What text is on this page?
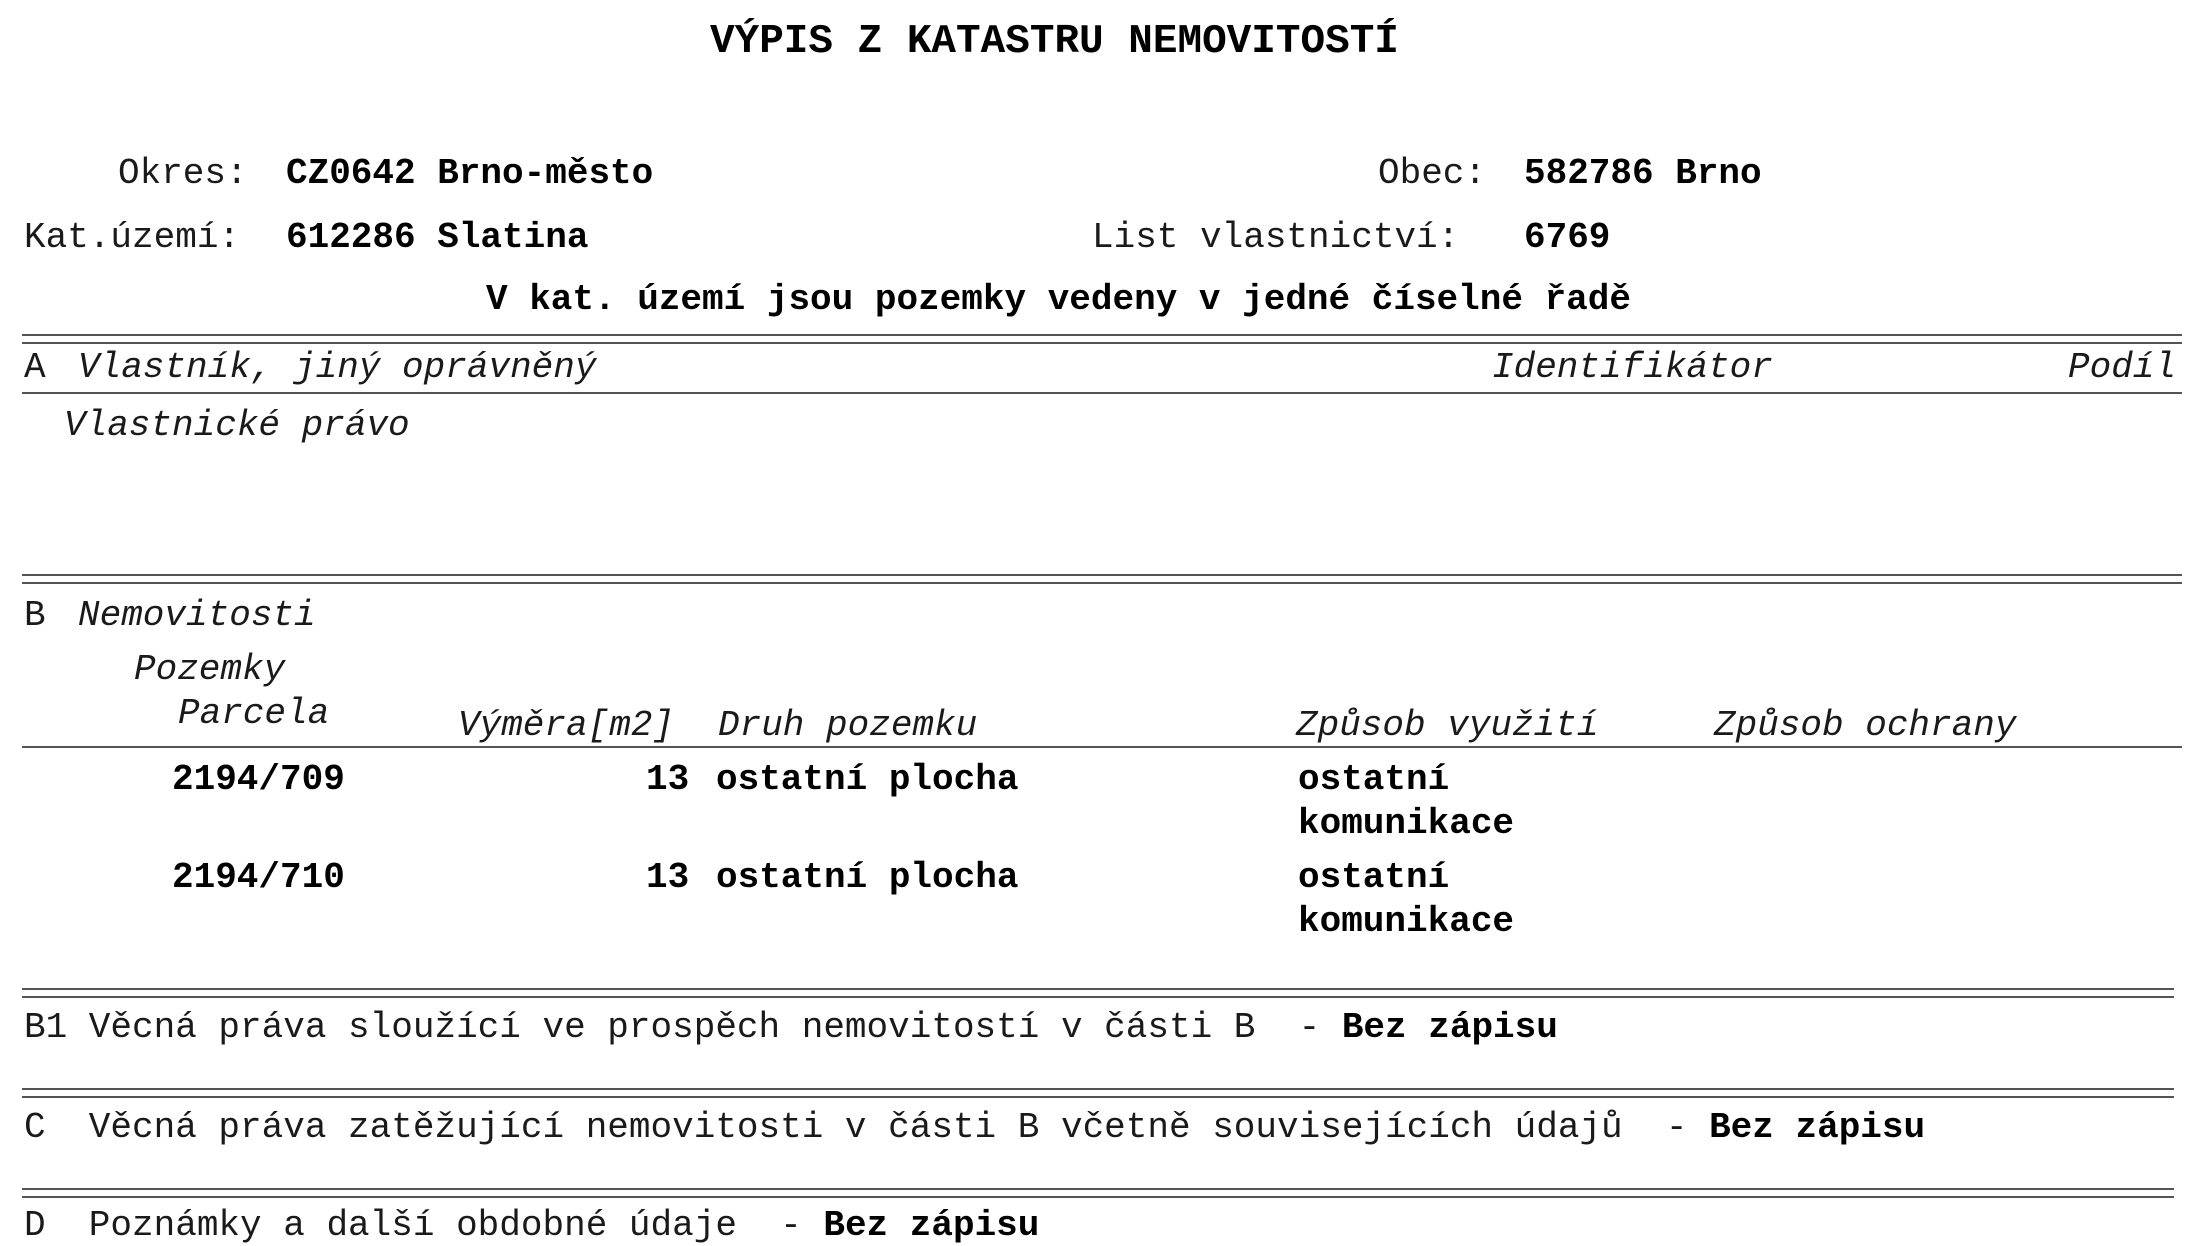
VÝPIS Z KATASTRU NEMOVITOSTÍ
Okres: CZ0642 Brno-město	Obec: 582786 Brno
Kat.území: 612286 Slatina	List vlastnictví: 6769
V kat. území jsou pozemky vedeny v jedné číselné řadě
A Vlastník, jiný oprávněný	Identifikátor	Podíl
Vlastnické právo
B Nemovitosti
Pozemky
Parcela	Výměra[m2] Druh pozemku	Způsob využití	Způsob ochrany
2194/709	13 ostatní plocha	ostatní
komunikace
2194/710	13 ostatní plocha	ostatní
komunikace
B1 Věcná práva sloužící ve prospěch nemovitostí v části B  - Bez zápisu
C  Věcná práva zatěžující nemovitosti v části B včetně souvisejících údajů  - Bez zápisu
D  Poznámky a další obdobné údaje  - Bez zápisu
